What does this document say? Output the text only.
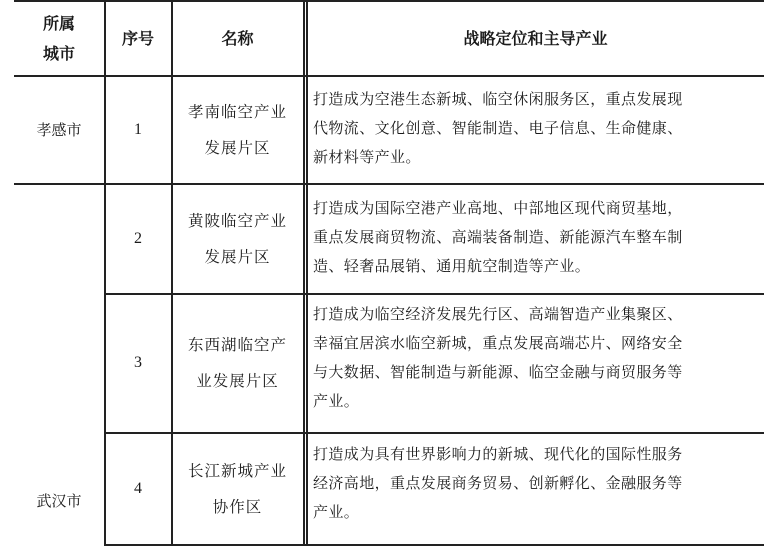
所属
城市
序号	名称	战略定位和主导产业
孝感市
武汉市
1
孝南临空产业
发展片区
打造成为空港生态新城、临空休闲服务区，重点发展现
代物流、文化创意、智能制造、电子信息、生命健康、
新材料等产业。
2
黄陂临空产业
发展片区
打造成为国际空港产业高地、中部地区现代商贸基地，
重点发展商贸物流、高端装备制造、新能源汽车整车制
造、轻奢品展销、通用航空制造等产业。
3
东西湖临空产
业发展片区
打造成为临空经济发展先行区、高端智造产业集聚区、
幸福宜居滨水临空新城，重点发展高端芯片、网络安全
与大数据、智能制造与新能源、临空金融与商贸服务等
产业。
4
长江新城产业
协作区
打造成为具有世界影响力的新城、现代化的国际性服务
经济高地，重点发展商务贸易、创新孵化、金融服务等
产业。
